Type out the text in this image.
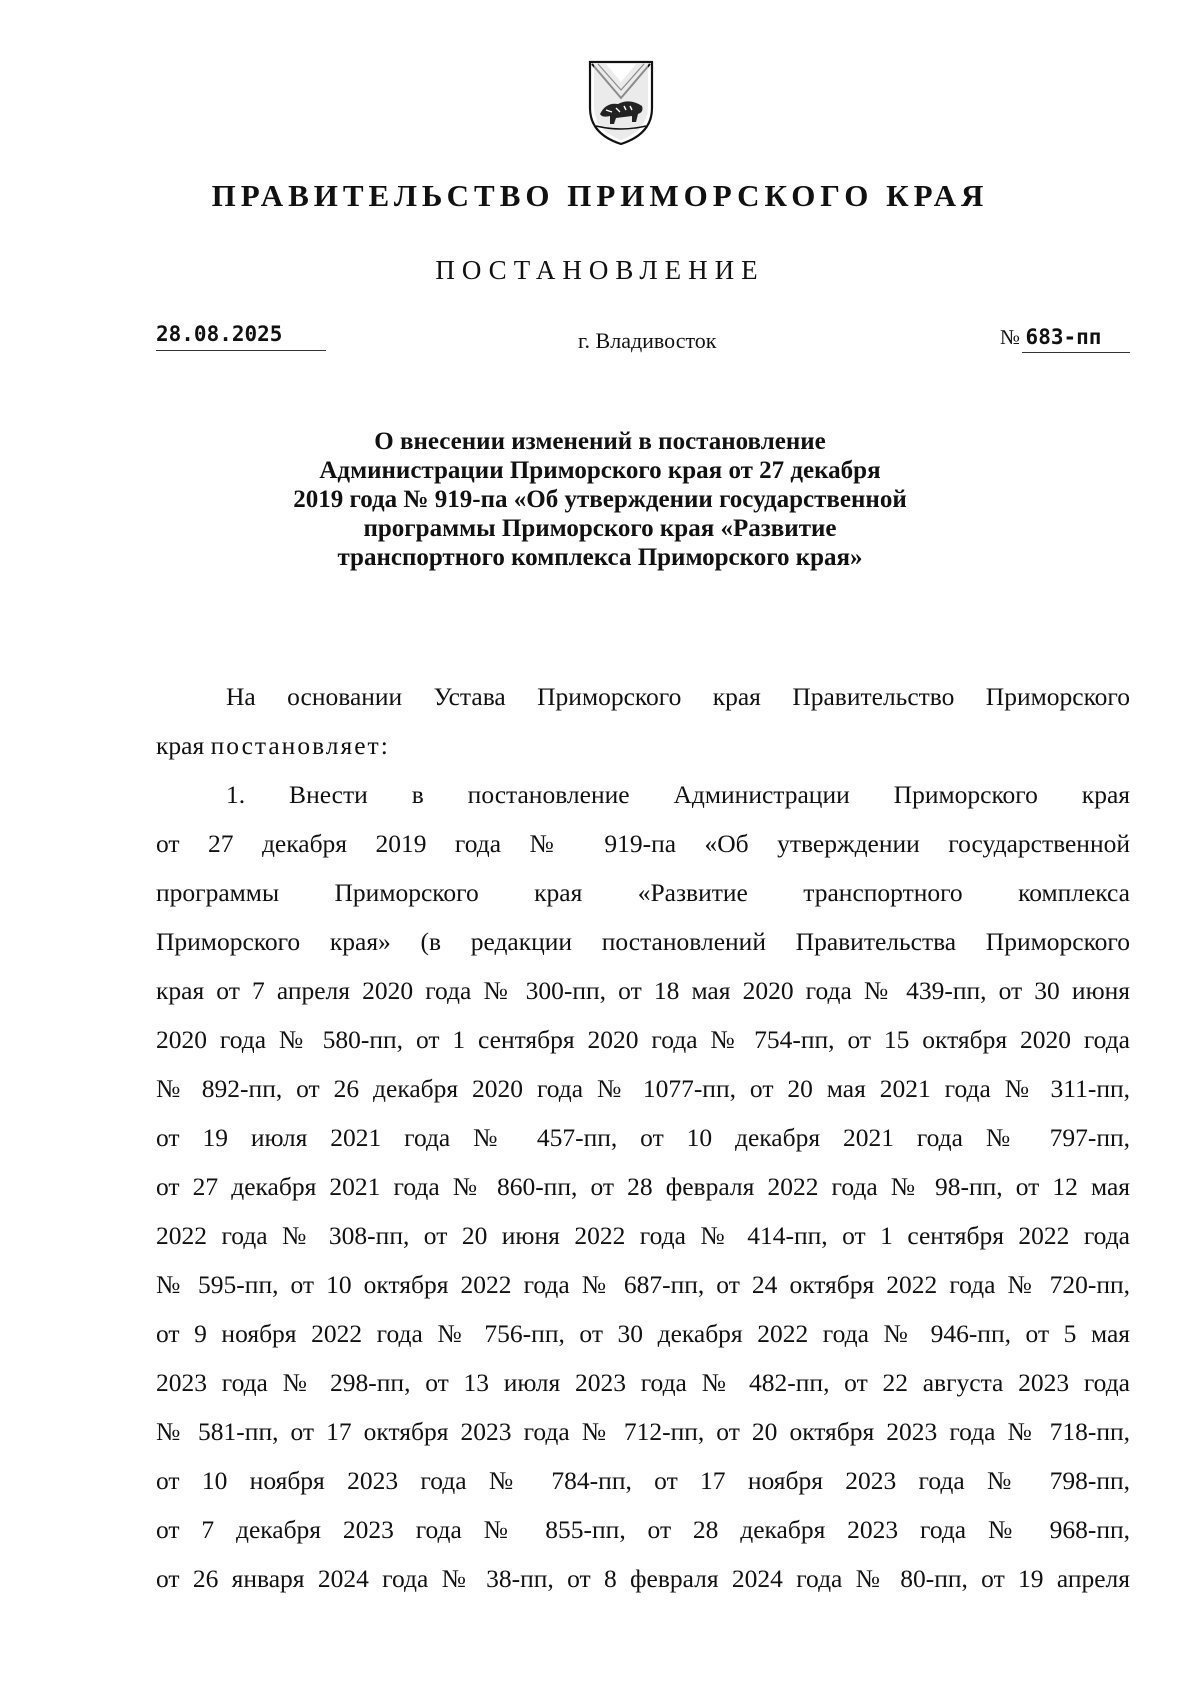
ПРАВИТЕЛЬСТВО ПРИМОРСКОГО КРАЯ
ПОСТАНОВЛЕНИЕ
28.08.2025	г. Владивосток	№ 683-пп
О внесении изменений в постановление
Администрации Приморского края от 27 декабря
2019 года № 919-па «Об утверждении государственной
программы Приморского края «Развитие
транспортного комплекса Приморского края»
На основании Устава Приморского края Правительство Приморского
края постановляет:
1. Внести в постановление Администрации Приморского края
от 27 декабря 2019 года № 919-па «Об утверждении государственной
программы Приморского края «Развитие транспортного комплекса
Приморского края» (в редакции постановлений Правительства Приморского
края от 7 апреля 2020 года № 300-пп, от 18 мая 2020 года № 439-пп, от 30 июня
2020 года № 580-пп, от 1 сентября 2020 года № 754-пп, от 15 октября 2020 года
№ 892-пп, от 26 декабря 2020 года № 1077-пп, от 20 мая 2021 года № 311-пп,
от 19 июля 2021 года № 457-пп, от 10 декабря 2021 года № 797-пп,
от 27 декабря 2021 года № 860-пп, от 28 февраля 2022 года № 98-пп, от 12 мая
2022 года № 308-пп, от 20 июня 2022 года № 414-пп, от 1 сентября 2022 года
№ 595-пп, от 10 октября 2022 года № 687-пп, от 24 октября 2022 года № 720-пп,
от 9 ноября 2022 года № 756-пп, от 30 декабря 2022 года № 946-пп, от 5 мая
2023 года № 298-пп, от 13 июля 2023 года № 482-пп, от 22 августа 2023 года
№ 581-пп, от 17 октября 2023 года № 712-пп, от 20 октября 2023 года № 718-пп,
от 10 ноября 2023 года № 784-пп, от 17 ноября 2023 года № 798-пп,
от 7 декабря 2023 года № 855-пп, от 28 декабря 2023 года № 968-пп,
от 26 января 2024 года № 38-пп, от 8 февраля 2024 года № 80-пп, от 19 апреля
